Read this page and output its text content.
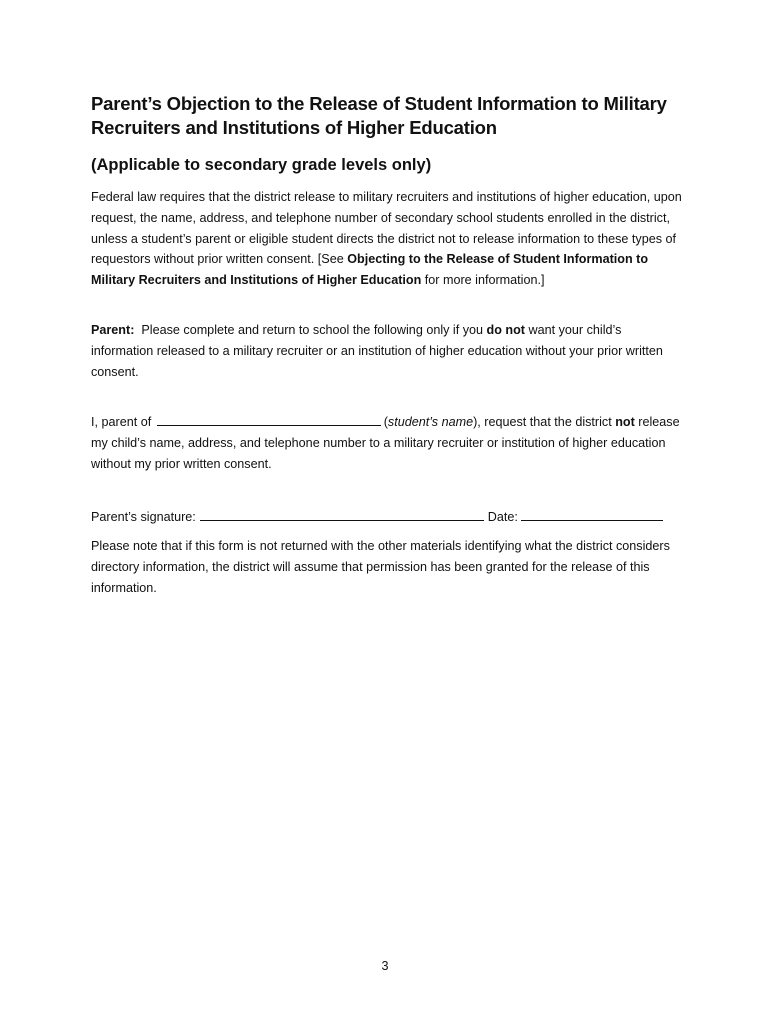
Parent’s Objection to the Release of Student Information to Military Recruiters and Institutions of Higher Education
(Applicable to secondary grade levels only)

Federal law requires that the district release to military recruiters and institutions of higher education, upon request, the name, address, and telephone number of secondary school students enrolled in the district, unless a student’s parent or eligible student directs the district not to release information to these types of requestors without prior written consent. [See Objecting to the Release of Student Information to Military Recruiters and Institutions of Higher Education for more information.]

Parent:  Please complete and return to school the following only if you do not want your child’s information released to a military recruiter or an institution of higher education without your prior written consent.

I, parent of	(student’s name), request that the district not release my child’s name, address, and telephone number to a military recruiter or institution of higher education without my prior written consent.

Parent’s signature:	Date:

Please note that if this form is not returned with the other materials identifying what the district considers directory information, the district will assume that permission has been granted for the release of this information.

3
